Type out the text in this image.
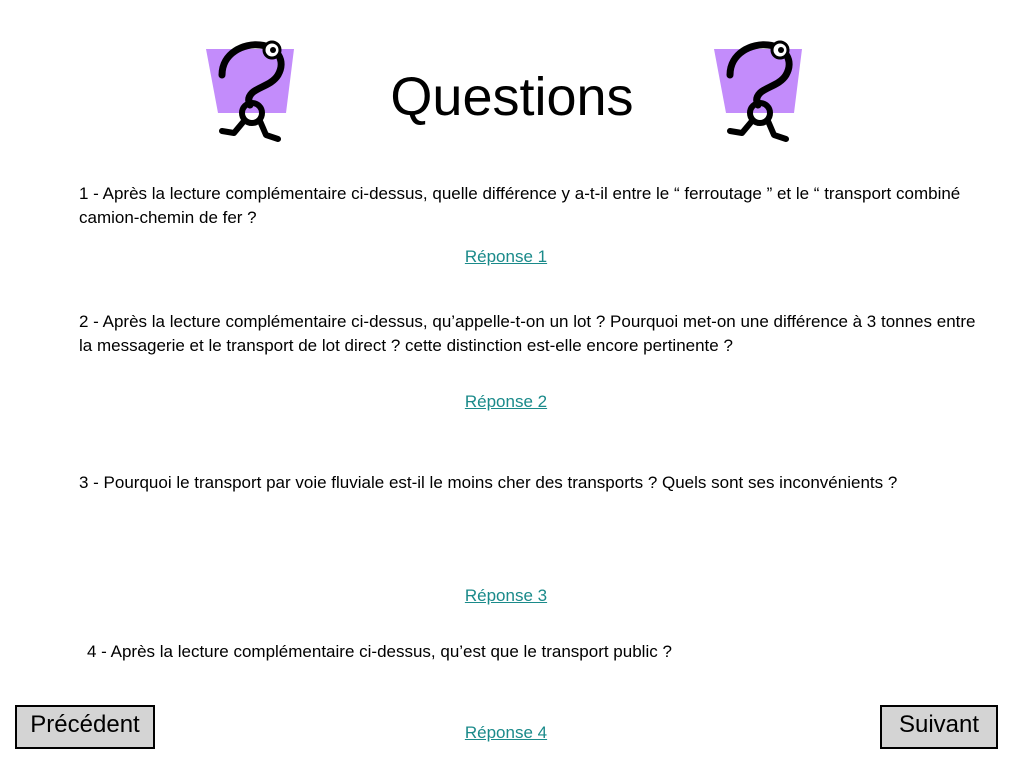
Questions
1 - Après la lecture complémentaire ci-dessus, quelle différence y a-t-il entre le “ ferroutage ” et le “ transport combiné camion-chemin de fer ?
Réponse 1
2 - Après la lecture complémentaire ci-dessus, qu’appelle-t-on un lot ? Pourquoi met-on une différence à 3 tonnes entre la messagerie et le transport de lot direct ? cette distinction est-elle encore pertinente ?
Réponse 2
3 - Pourquoi le transport par voie fluviale est-il le moins cher des transports ? Quels sont ses inconvénients ?
Réponse 3
4 - Après la lecture complémentaire ci-dessus, qu’est que le transport public ?
Réponse 4
Précédent	Suivant
